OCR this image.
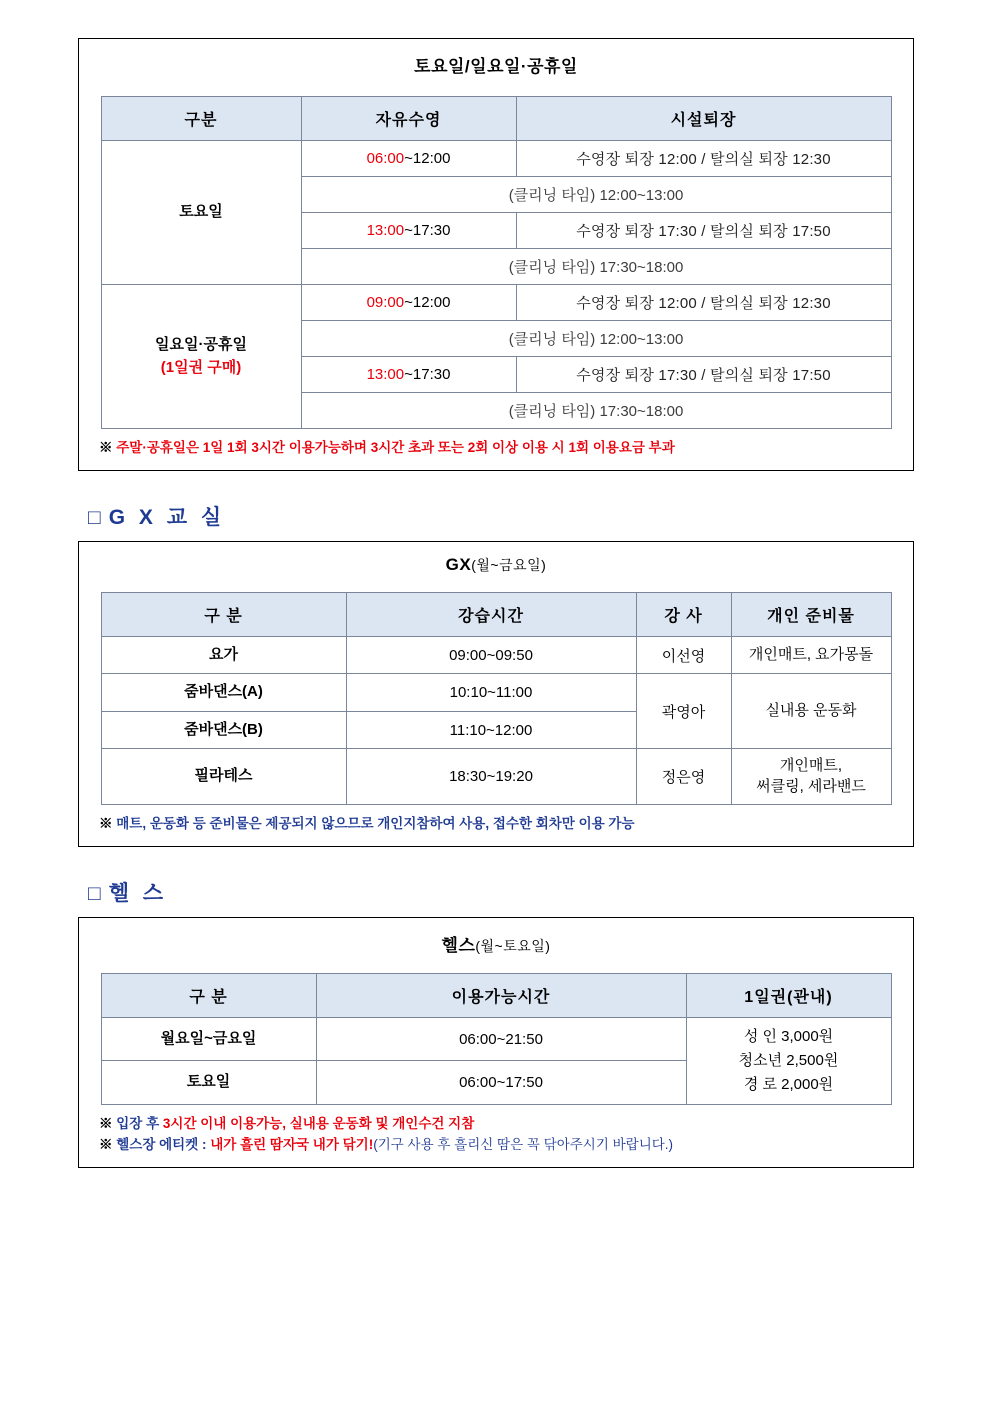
토요일/일요일·공휴일
구분	자유수영	시설퇴장
토요일	06:00~12:00	수영장 퇴장 12:00 / 탈의실 퇴장 12:30
	(클리닝 타임) 12:00~13:00	
	13:00~17:30	수영장 퇴장 17:30 / 탈의실 퇴장 17:50
	(클리닝 타임) 17:30~18:00	
일요일·공휴일
(1일권 구매)	09:00~12:00	수영장 퇴장 12:00 / 탈의실 퇴장 12:30
	(클리닝 타임) 12:00~13:00	
	13:00~17:30	수영장 퇴장 17:30 / 탈의실 퇴장 17:50
	(클리닝 타임) 17:30~18:00	
※ 주말·공휴일은 1일 1회 3시간 이용가능하며 3시간 초과 또는 2회 이상 이용 시 1회 이용요금 부과
□ G X 교 실
GX(월~금요일)
구 분	강습시간	강 사	개인 준비물
요가	09:00~09:50	이선영	개인매트, 요가몽돌
줌바댄스(A)	10:10~11:00	곽영아	실내용 운동화
줌바댄스(B)	11:10~12:00		
필라테스	18:30~19:20	정은영	개인매트,
써클링, 세라밴드
※ 매트, 운동화 등 준비물은 제공되지 않으므로 개인지참하여 사용, 접수한 회차만 이용 가능
□ 헬 스
헬스(월~토요일)
구 분	이용가능시간	1일권(관내)
월요일~금요일	06:00~21:50	성 인 3,000원
청소년 2,500원
경 로 2,000원
토요일	06:00~17:50	
※ 입장 후 3시간 이내 이용가능, 실내용 운동화 및 개인수건 지참
※ 헬스장 에티켓 : 내가 흘린 땀자국 내가 닦기!(기구 사용 후 흘리신 땀은 꼭 닦아주시기 바랍니다.)
